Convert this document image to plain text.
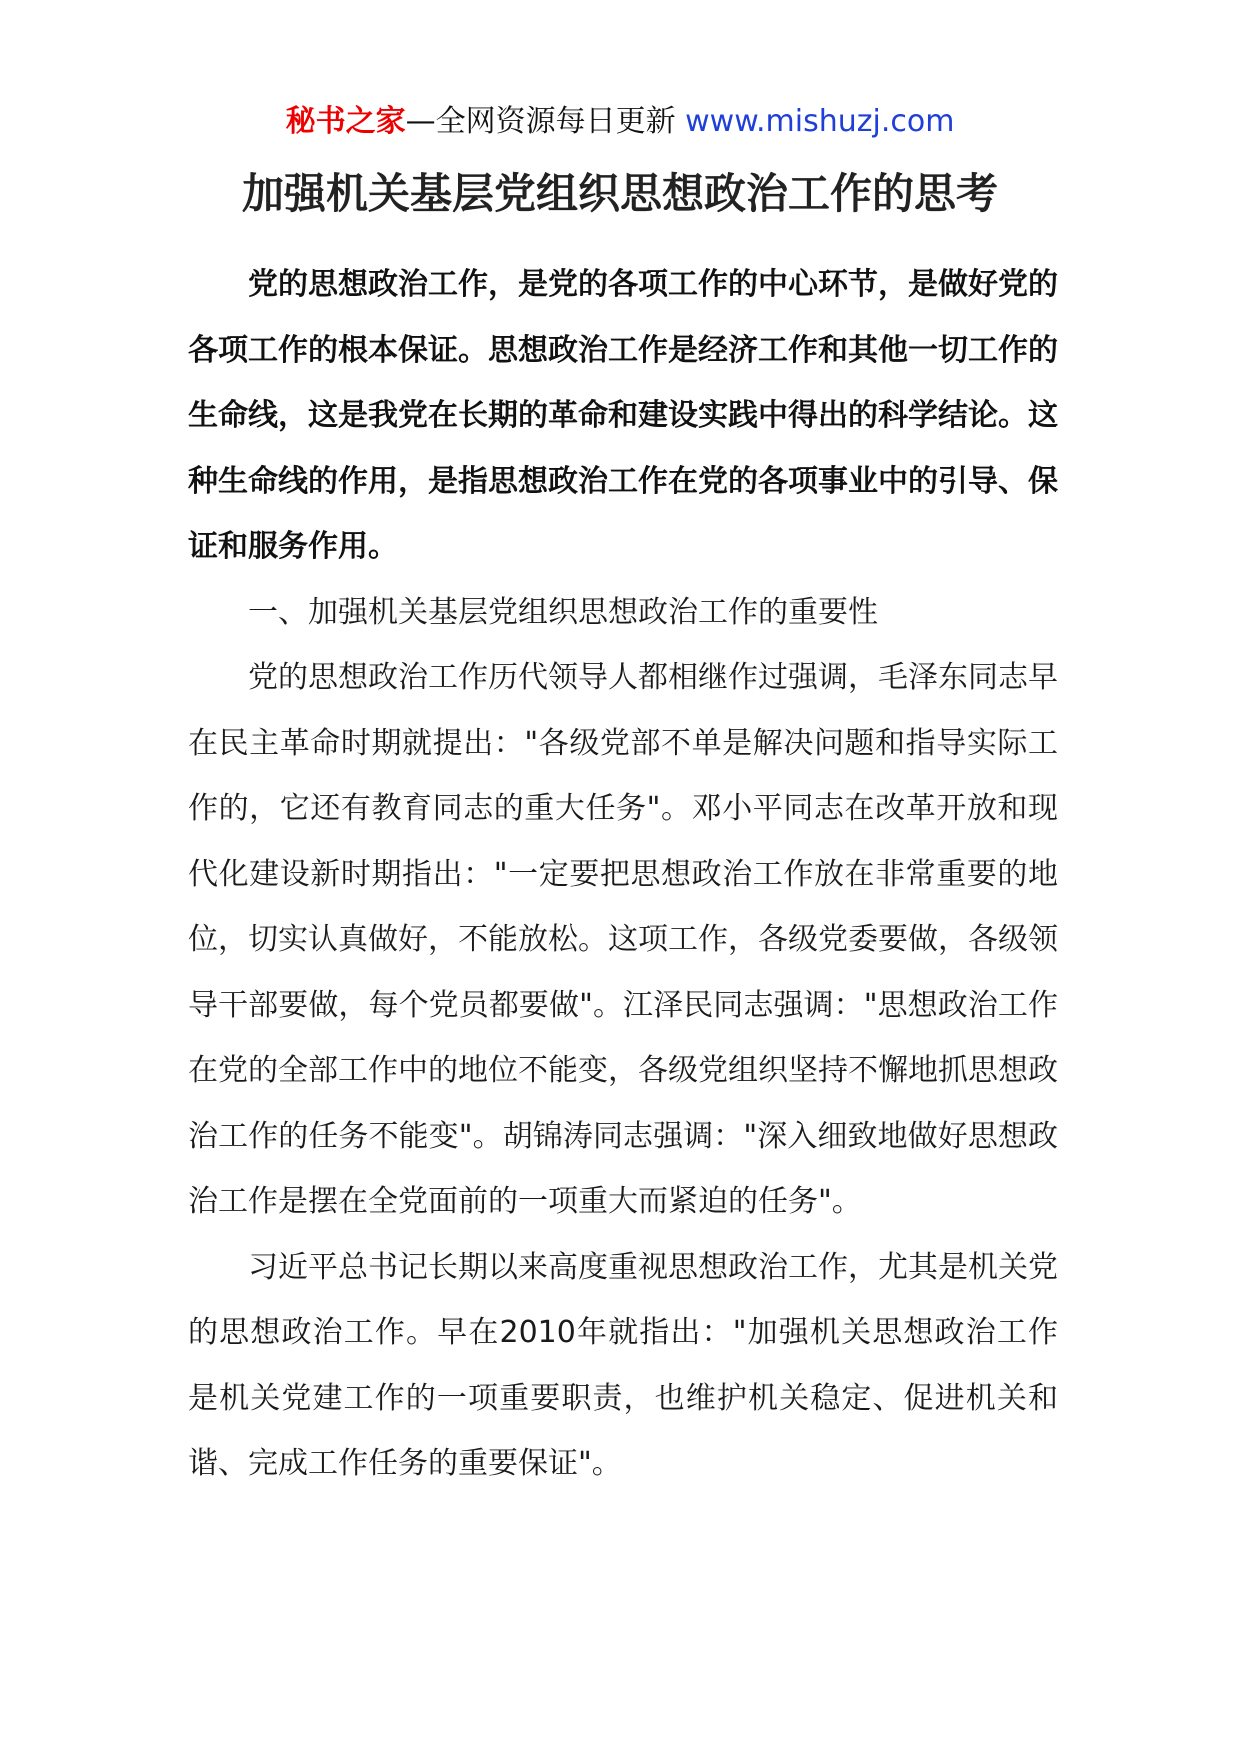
秘书之家—全网资源每日更新 www.mishuzj.com
加强机关基层党组织思想政治工作的思考

党的思想政治工作，是党的各项工作的中心环节，是做好党的各项工作的根本保证。思想政治工作是经济工作和其他一切工作的生命线，这是我党在长期的革命和建设实践中得出的科学结论。这种生命线的作用，是指思想政治工作在党的各项事业中的引导、保证和服务作用。

一、加强机关基层党组织思想政治工作的重要性

党的思想政治工作历代领导人都相继作过强调，毛泽东同志早在民主革命时期就提出："各级党部不单是解决问题和指导实际工作的，它还有教育同志的重大任务"。邓小平同志在改革开放和现代化建设新时期指出："一定要把思想政治工作放在非常重要的地位，切实认真做好，不能放松。这项工作，各级党委要做，各级领导干部要做，每个党员都要做"。江泽民同志强调："思想政治工作在党的全部工作中的地位不能变，各级党组织坚持不懈地抓思想政治工作的任务不能变"。胡锦涛同志强调："深入细致地做好思想政治工作是摆在全党面前的一项重大而紧迫的任务"。

习近平总书记长期以来高度重视思想政治工作，尤其是机关党的思想政治工作。早在2010年就指出："加强机关思想政治工作是机关党建工作的一项重要职责，也维护机关稳定、促进机关和谐、完成工作任务的重要保证"。
